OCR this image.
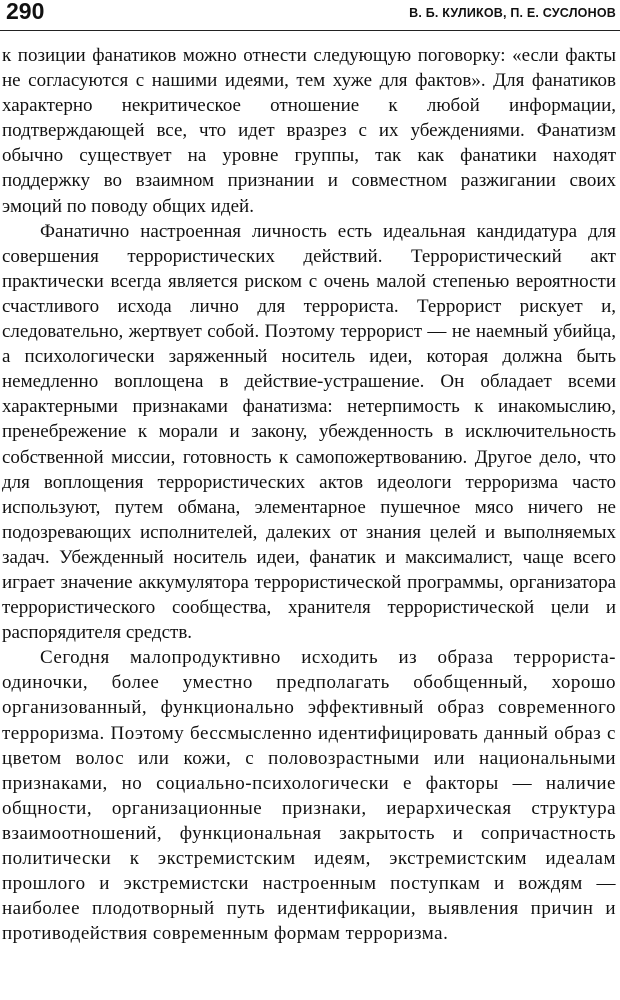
290	В. Б. КУЛИКОВ, П. Е. СУСЛОНОВ

к позиции фанатиков можно отнести следующую поговорку: «если факты не согласуются с нашими идеями, тем хуже для фактов». Для фанатиков характерно некритическое отношение к любой информации, подтверждающей все, что идет вразрез с их убеждениями. Фанатизм обычно существует на уровне группы, так как фанатики находят поддержку во взаимном признании и совместном разжигании своих эмоций по поводу общих идей.

Фанатично настроенная личность есть идеальная кандидатура для совершения террористических действий. Террористический акт практически всегда является риском с очень малой степенью вероятности счастливого исхода лично для террориста. Террорист рискует и, следовательно, жертвует собой. Поэтому террорист — не наемный убийца, а психологически заряженный носитель идеи, которая должна быть немедленно воплощена в действие-устрашение. Он обладает всеми характерными признаками фанатизма: нетерпимость к инакомыслию, пренебрежение к морали и закону, убежденность в исключительность собственной миссии, готовность к самопожертвованию. Другое дело, что для воплощения террористических актов идеологи терроризма часто используют, путем обмана, элементарное пушечное мясо ничего не подозревающих исполнителей, далеких от знания целей и выполняемых задач. Убежденный носитель идеи, фанатик и максималист, чаще всего играет значение аккумулятора террористической программы, организатора террористического сообщества, хранителя террористической цели и распорядителя средств.

Сегодня малопродуктивно исходить из образа террориста-одиночки, более уместно предполагать обобщенный, хорошо организованный, функционально эффективный образ современного терроризма. Поэтому бессмысленно идентифицировать данный образ с цветом волос или кожи, с половозрастными или национальными признаками, но социально-психологически е факторы — наличие общности, организационные признаки, иерархическая структура взаимоотношений, функциональная закрытость и сопричастность политически к экстремистским идеям, экстремистским идеалам прошлого и экстремистски настроенным поступкам и вождям — наиболее плодотворный путь идентификации, выявления причин и противодействия современным формам терроризма.
